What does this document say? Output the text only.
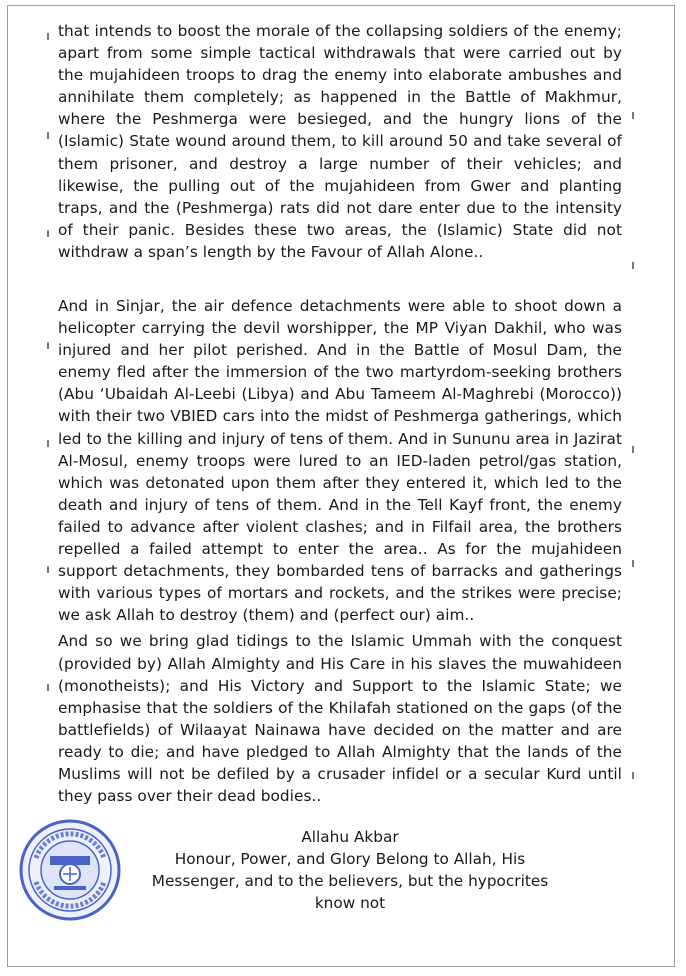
that intends to boost the morale of the collapsing soldiers of the enemy; apart from some simple tactical withdrawals that were carried out by the mujahideen troops to drag the enemy into elaborate ambushes and annihilate them completely; as happened in the Battle of Makhmur, where the Peshmerga were besieged, and the hungry lions of the (Islamic) State wound around them, to kill around 50 and take several of them prisoner, and destroy a large number of their vehicles; and likewise, the pulling out of the mujahideen from Gwer and planting traps, and the (Peshmerga) rats did not dare enter due to the intensity of their panic. Besides these two areas, the (Islamic) State did not withdraw a span’s length by the Favour of Allah Alone..

And in Sinjar, the air defence detachments were able to shoot down a helicopter carrying the devil worshipper, the MP Viyan Dakhil, who was injured and her pilot perished. And in the Battle of Mosul Dam, the enemy fled after the immersion of the two martyrdom-seeking brothers (Abu ‘Ubaidah Al-Leebi (Libya) and Abu Tameem Al-Maghrebi (Morocco)) with their two VBIED cars into the midst of Peshmerga gatherings, which led to the killing and injury of tens of them. And in Sununu area in Jazirat Al-Mosul, enemy troops were lured to an IED-laden petrol/gas station, which was detonated upon them after they entered it, which led to the death and injury of tens of them. And in the Tell Kayf front, the enemy failed to advance after violent clashes; and in Filfail area, the brothers repelled a failed attempt to enter the area.. As for the mujahideen support detachments, they bombarded tens of barracks and gatherings with various types of mortars and rockets, and the strikes were precise; we ask Allah to destroy (them) and (perfect our) aim..

And so we bring glad tidings to the Islamic Ummah with the conquest (provided by) Allah Almighty and His Care in his slaves the muwahideen (monotheists); and His Victory and Support to the Islamic State; we emphasise that the soldiers of the Khilafah stationed on the gaps (of the battlefields) of Wilaayat Nainawa have decided on the matter and are ready to die; and have pledged to Allah Almighty that the lands of the Muslims will not be defiled by a crusader infidel or a secular Kurd until they pass over their dead bodies..

Allahu Akbar
Honour, Power, and Glory Belong to Allah, His
Messenger, and to the believers, but the hypocrites
know not
